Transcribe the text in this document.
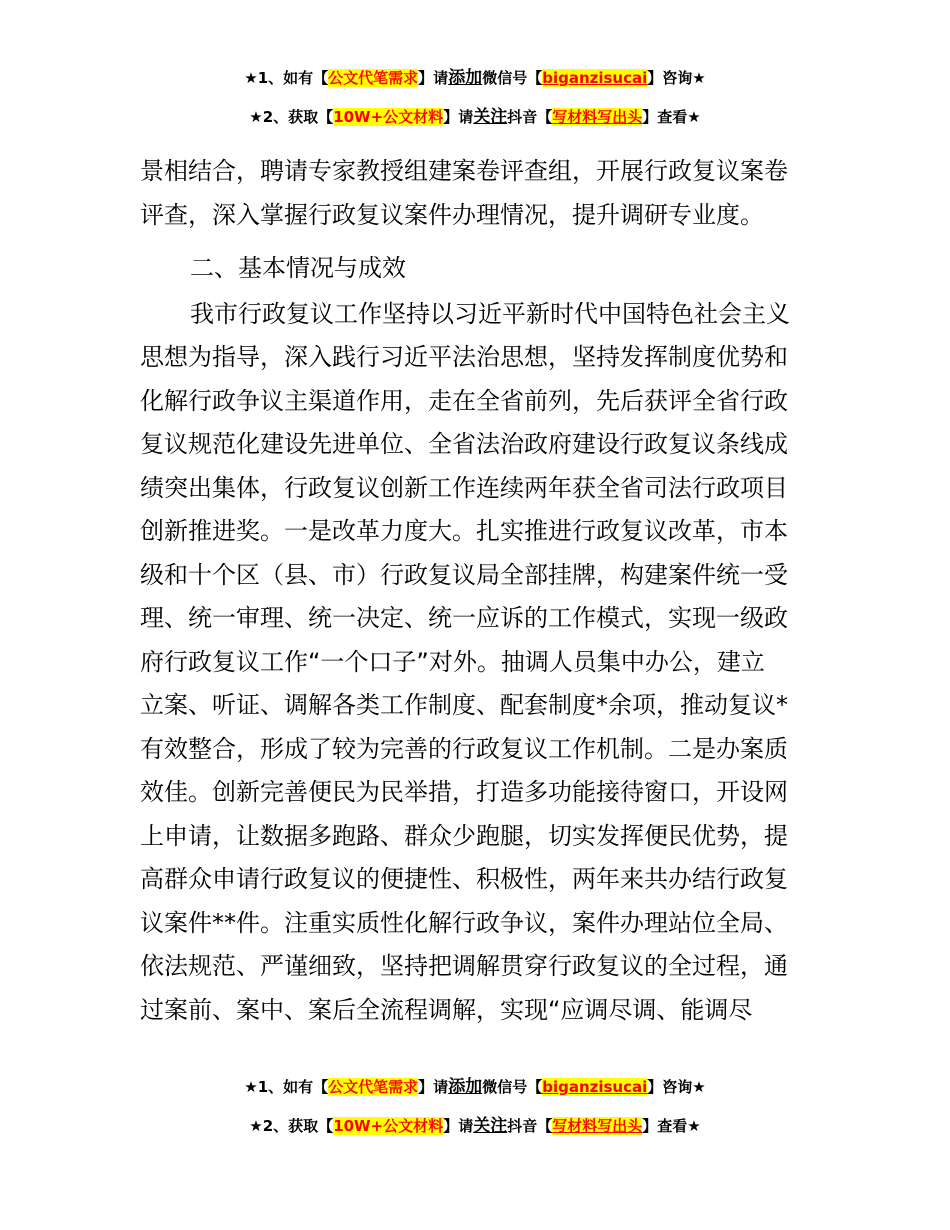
★1、如有【公文代笔需求】请添加微信号【biganzisucai】咨询★
★2、获取【10W+公文材料】请关注抖音【写材料写出头】查看★
景相结合，聘请专家教授组建案卷评查组，开展行政复议案卷
评查，深入掌握行政复议案件办理情况，提升调研专业度。
二、基本情况与成效
我市行政复议工作坚持以习近平新时代中国特色社会主义
思想为指导，深入践行习近平法治思想，坚持发挥制度优势和
化解行政争议主渠道作用，走在全省前列，先后获评全省行政
复议规范化建设先进单位、全省法治政府建设行政复议条线成
绩突出集体，行政复议创新工作连续两年获全省司法行政项目
创新推进奖。一是改革力度大。扎实推进行政复议改革，市本
级和十个区（县、市）行政复议局全部挂牌，构建案件统一受
理、统一审理、统一决定、统一应诉的工作模式，实现一级政
府行政复议工作“一个口子”对外。抽调人员集中办公，建立
立案、听证、调解各类工作制度、配套制度*余项，推动复议*
有效整合，形成了较为完善的行政复议工作机制。二是办案质
效佳。创新完善便民为民举措，打造多功能接待窗口，开设网
上申请，让数据多跑路、群众少跑腿，切实发挥便民优势，提
高群众申请行政复议的便捷性、积极性，两年来共办结行政复
议案件**件。注重实质性化解行政争议，案件办理站位全局、
依法规范、严谨细致，坚持把调解贯穿行政复议的全过程，通
过案前、案中、案后全流程调解，实现“应调尽调、能调尽
★1、如有【公文代笔需求】请添加微信号【biganzisucai】咨询★
★2、获取【10W+公文材料】请关注抖音【写材料写出头】查看★
